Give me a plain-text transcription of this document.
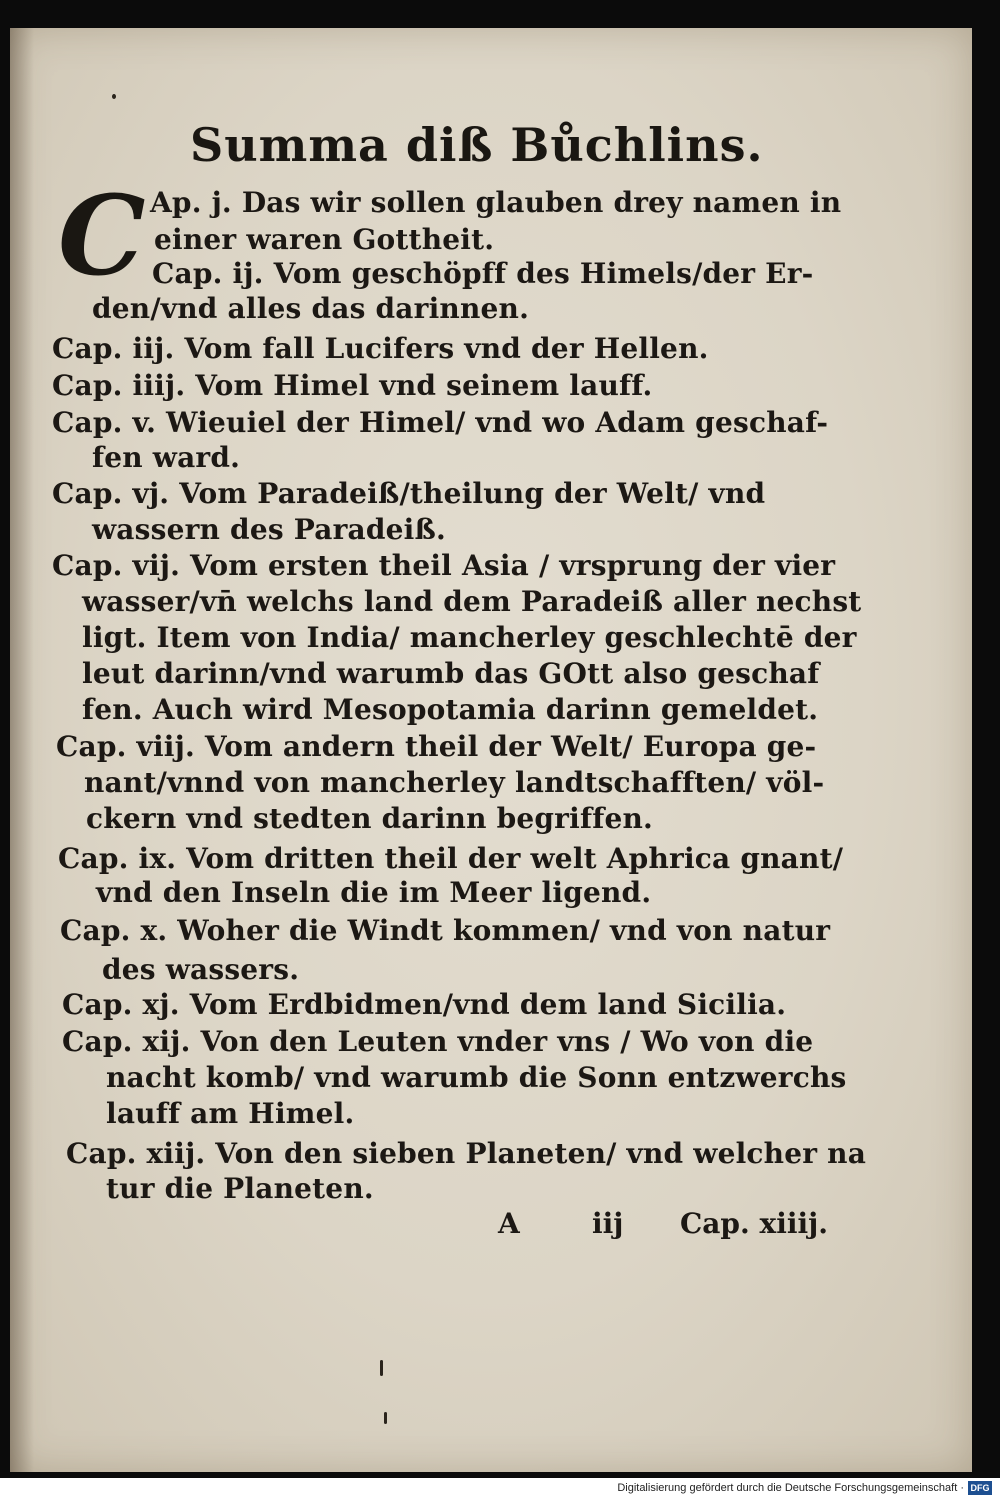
Summa diß Bůchlins.
C Ap. j. Das wir sollen glauben drey namen in
einer waren Gottheit.
Cap. ij. Vom geschöpff des Himels/der Er-
den/vnd alles das darinnen.
Cap. iij. Vom fall Lucifers vnd der Hellen.
Cap. iiij. Vom Himel vnd seinem lauff.
Cap. v. Wieuiel der Himel/ vnd wo Adam geschaf-
fen ward.
Cap. vj. Vom Paradeiß/theilung der Welt/ vnd
wassern des Paradeiß.
Cap. vij. Vom ersten theil Asia / vrsprung der vier
wasser/vn̄ welchs land dem Paradeiß aller nechst
ligt. Item von India/ mancherley geschlechtē der
leut darinn/vnd warumb das GOtt also geschaf
fen. Auch wird Mesopotamia darinn gemeldet.
Cap. viij. Vom andern theil der Welt/ Europa ge-
nant/vnnd von mancherley landtschafften/ völ-
ckern vnd stedten darinn begriffen.
Cap. ix. Vom dritten theil der welt Aphrica gnant/
vnd den Inseln die im Meer ligend.
Cap. x. Woher die Windt kommen/ vnd von natur
des wassers.
Cap. xj. Vom Erdbidmen/vnd dem land Sicilia.
Cap. xij. Von den Leuten vnder vns / Wo von die
nacht komb/ vnd warumb die Sonn entzwerchs
lauff am Himel.
Cap. xiij. Von den sieben Planeten/ vnd welcher na
tur die Planeten.
A	iij Cap. xiiij.
Digitalisierung gefördert durch die Deutsche Forschungsgemeinschaft · DFG
